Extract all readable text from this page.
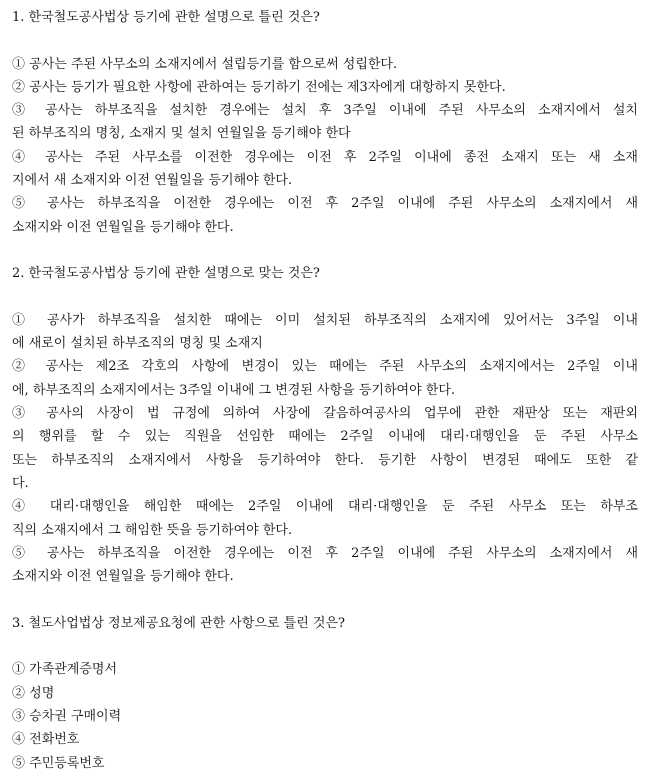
1. 한국철도공사법상 등기에 관한 설명으로 틀린 것은?

① 공사는 주된 사무소의 소재지에서 설립등기를 함으로써 성립한다.

② 공사는 등기가 필요한 사항에 관하여는 등기하기 전에는 제3자에게 대항하지 못한다.

③ 공사는 하부조직을 설치한 경우에는 설치 후 3주일 이내에 주된 사무소의 소재지에서 설치

된 하부조직의 명칭, 소재지 및 설치 연월일을 등기해야 한다

④ 공사는 주된 사무소를 이전한 경우에는 이전 후 2주일 이내에 종전 소재지 또는 새 소재

지에서 새 소재지와 이전 연월일을 등기해야 한다.

⑤ 공사는 하부조직을 이전한 경우에는 이전 후 2주일 이내에 주된 사무소의 소재지에서 새

소재지와 이전 연월일을 등기해야 한다.

2. 한국철도공사법상 등기에 관한 설명으로 맞는 것은?

① 공사가 하부조직을 설치한 때에는 이미 설치된 하부조직의 소재지에 있어서는 3주일 이내

에 새로이 설치된 하부조직의 명칭 및 소재지

② 공사는 제2조 각호의 사항에 변경이 있는 때에는 주된 사무소의 소재지에서는 2주일 이내

에, 하부조직의 소재지에서는 3주일 이내에 그 변경된 사항을 등기하여야 한다.

③ 공사의 사장이 법 규정에 의하여 사장에 갈음하여공사의 업무에 관한 재판상 또는 재판외

의 행위를 할 수 있는 직원을 선임한 때에는 2주일 이내에 대리·대행인을 둔 주된 사무소

또는 하부조직의 소재지에서 사항을 등기하여야 한다. 등기한 사항이 변경된 때에도 또한 같

다.

④ 대리·대행인을 해임한 때에는 2주일 이내에 대리·대행인을 둔 주된 사무소 또는 하부조

직의 소재지에서 그 해임한 뜻을 등기하여야 한다.

⑤ 공사는 하부조직을 이전한 경우에는 이전 후 2주일 이내에 주된 사무소의 소재지에서 새

소재지와 이전 연월일을 등기해야 한다.

3. 철도사업법상 정보제공요청에 관한 사항으로 틀린 것은?

① 가족관계증명서

② 성명

③ 승차권 구매이력

④ 전화번호

⑤ 주민등록번호
